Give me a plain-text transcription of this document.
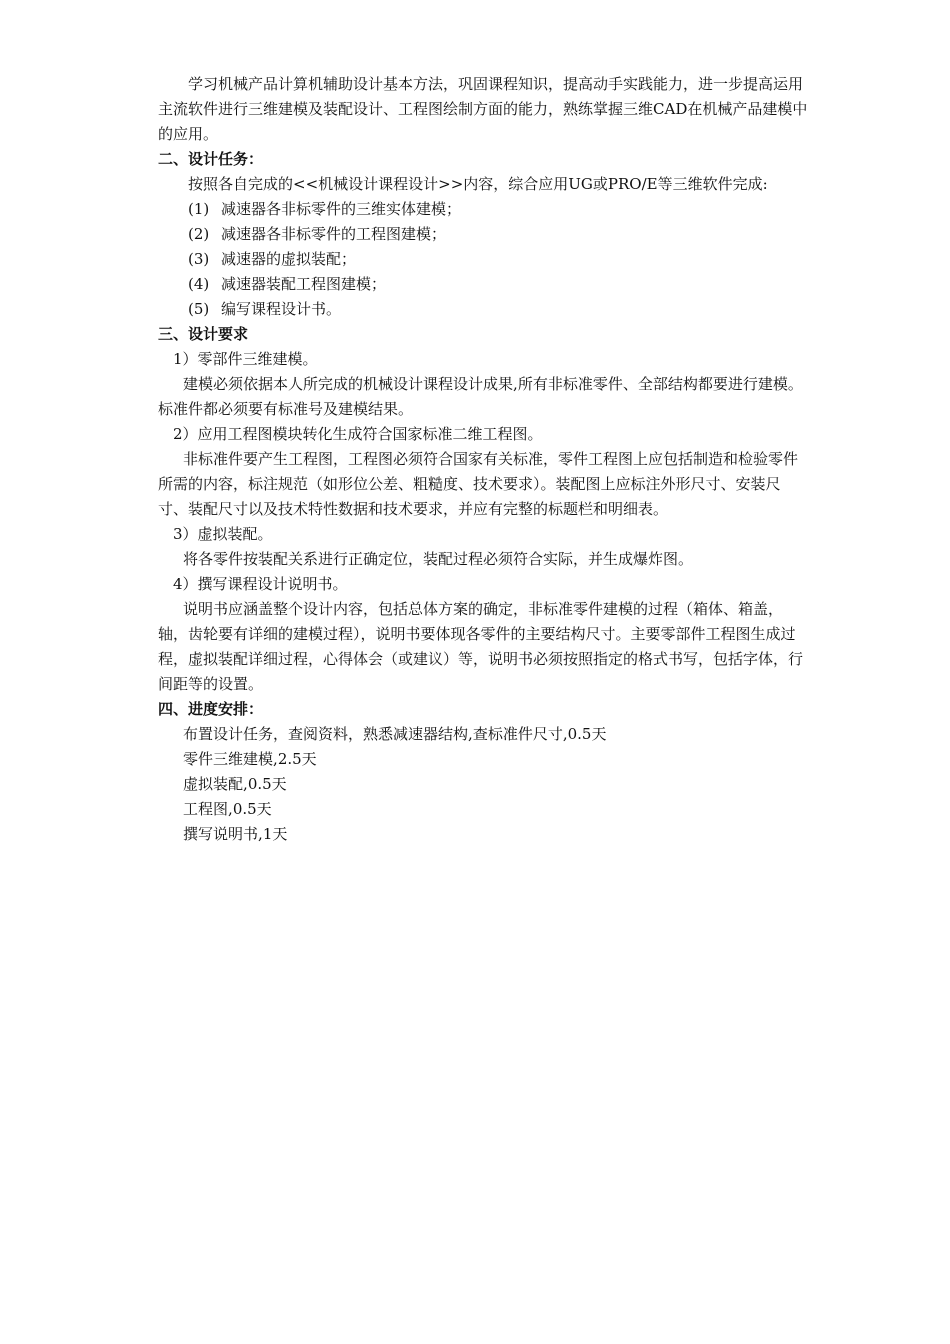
学习机械产品计算机辅助设计基本方法，巩固课程知识，提高动手实践能力，进一步提高运用主流软件进行三维建模及装配设计、工程图绘制方面的能力，熟练掌握三维CAD在机械产品建模中的应用。

二、设计任务：

按照各自完成的<<机械设计课程设计>>内容，综合应用UG或PRO/E等三维软件完成:

(1) 减速器各非标零件的三维实体建模；

(2) 减速器各非标零件的工程图建模；

(3) 减速器的虚拟装配；

(4) 减速器装配工程图建模；

(5) 编写课程设计书。

三、设计要求

1）零部件三维建模。

建模必须依据本人所完成的机械设计课程设计成果,所有非标准零件、全部结构都要进行建模。标准件都必须要有标准号及建模结果。

2）应用工程图模块转化生成符合国家标准二维工程图。

非标准件要产生工程图，工程图必须符合国家有关标准，零件工程图上应包括制造和检验零件所需的内容，标注规范（如形位公差、粗糙度、技术要求）。装配图上应标注外形尺寸、安装尺寸、装配尺寸以及技术特性数据和技术要求，并应有完整的标题栏和明细表。

3）虚拟装配。

将各零件按装配关系进行正确定位，装配过程必须符合实际，并生成爆炸图。

4）撰写课程设计说明书。

说明书应涵盖整个设计内容，包括总体方案的确定，非标准零件建模的过程（箱体、箱盖，轴，齿轮要有详细的建模过程），说明书要体现各零件的主要结构尺寸。主要零部件工程图生成过程，虚拟装配详细过程，心得体会（或建议）等，说明书必须按照指定的格式书写，包括字体，行间距等的设置。

四、进度安排：

布置设计任务，查阅资料，熟悉减速器结构,查标准件尺寸,0.5天

零件三维建模,2.5天

虚拟装配,0.5天

工程图,0.5天

撰写说明书,1天
